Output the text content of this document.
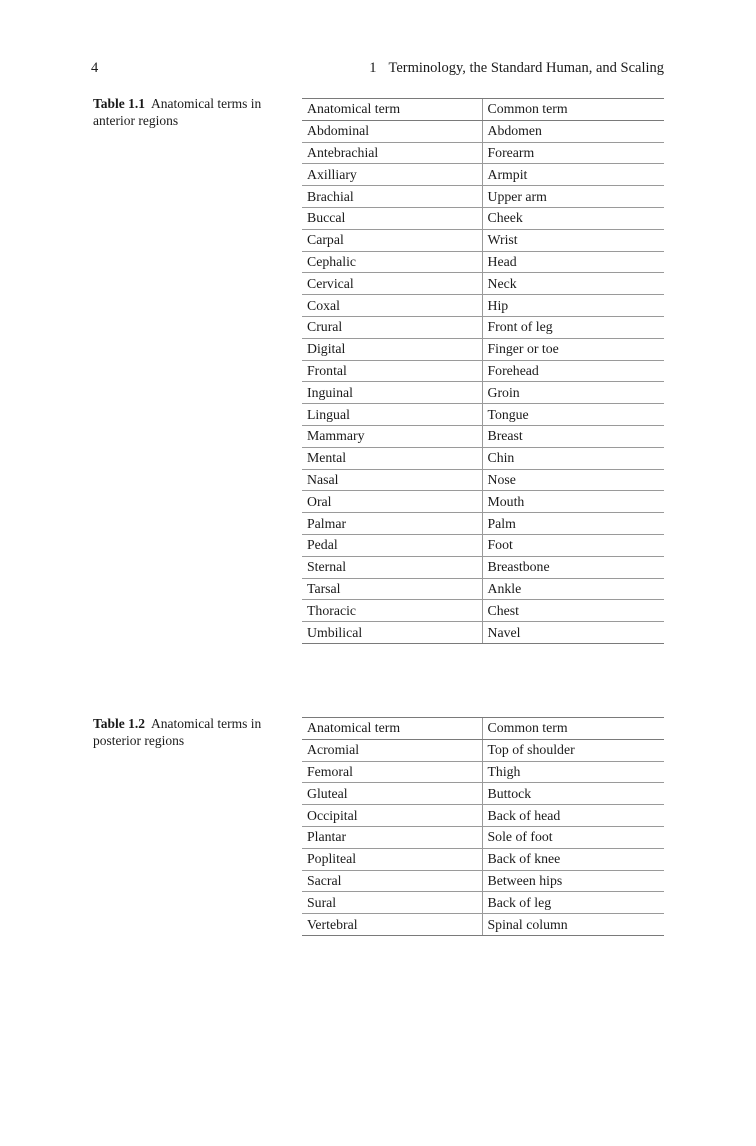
4	1 Terminology, the Standard Human, and Scaling
Table 1.1 Anatomical terms in anterior regions
Anatomical term	Common term
Abdominal	Abdomen
Antebrachial	Forearm
Axilliary	Armpit
Brachial	Upper arm
Buccal	Cheek
Carpal	Wrist
Cephalic	Head
Cervical	Neck
Coxal	Hip
Crural	Front of leg
Digital	Finger or toe
Frontal	Forehead
Inguinal	Groin
Lingual	Tongue
Mammary	Breast
Mental	Chin
Nasal	Nose
Oral	Mouth
Palmar	Palm
Pedal	Foot
Sternal	Breastbone
Tarsal	Ankle
Thoracic	Chest
Umbilical	Navel
Table 1.2 Anatomical terms in posterior regions
Anatomical term	Common term
Acromial	Top of shoulder
Femoral	Thigh
Gluteal	Buttock
Occipital	Back of head
Plantar	Sole of foot
Popliteal	Back of knee
Sacral	Between hips
Sural	Back of leg
Vertebral	Spinal column
